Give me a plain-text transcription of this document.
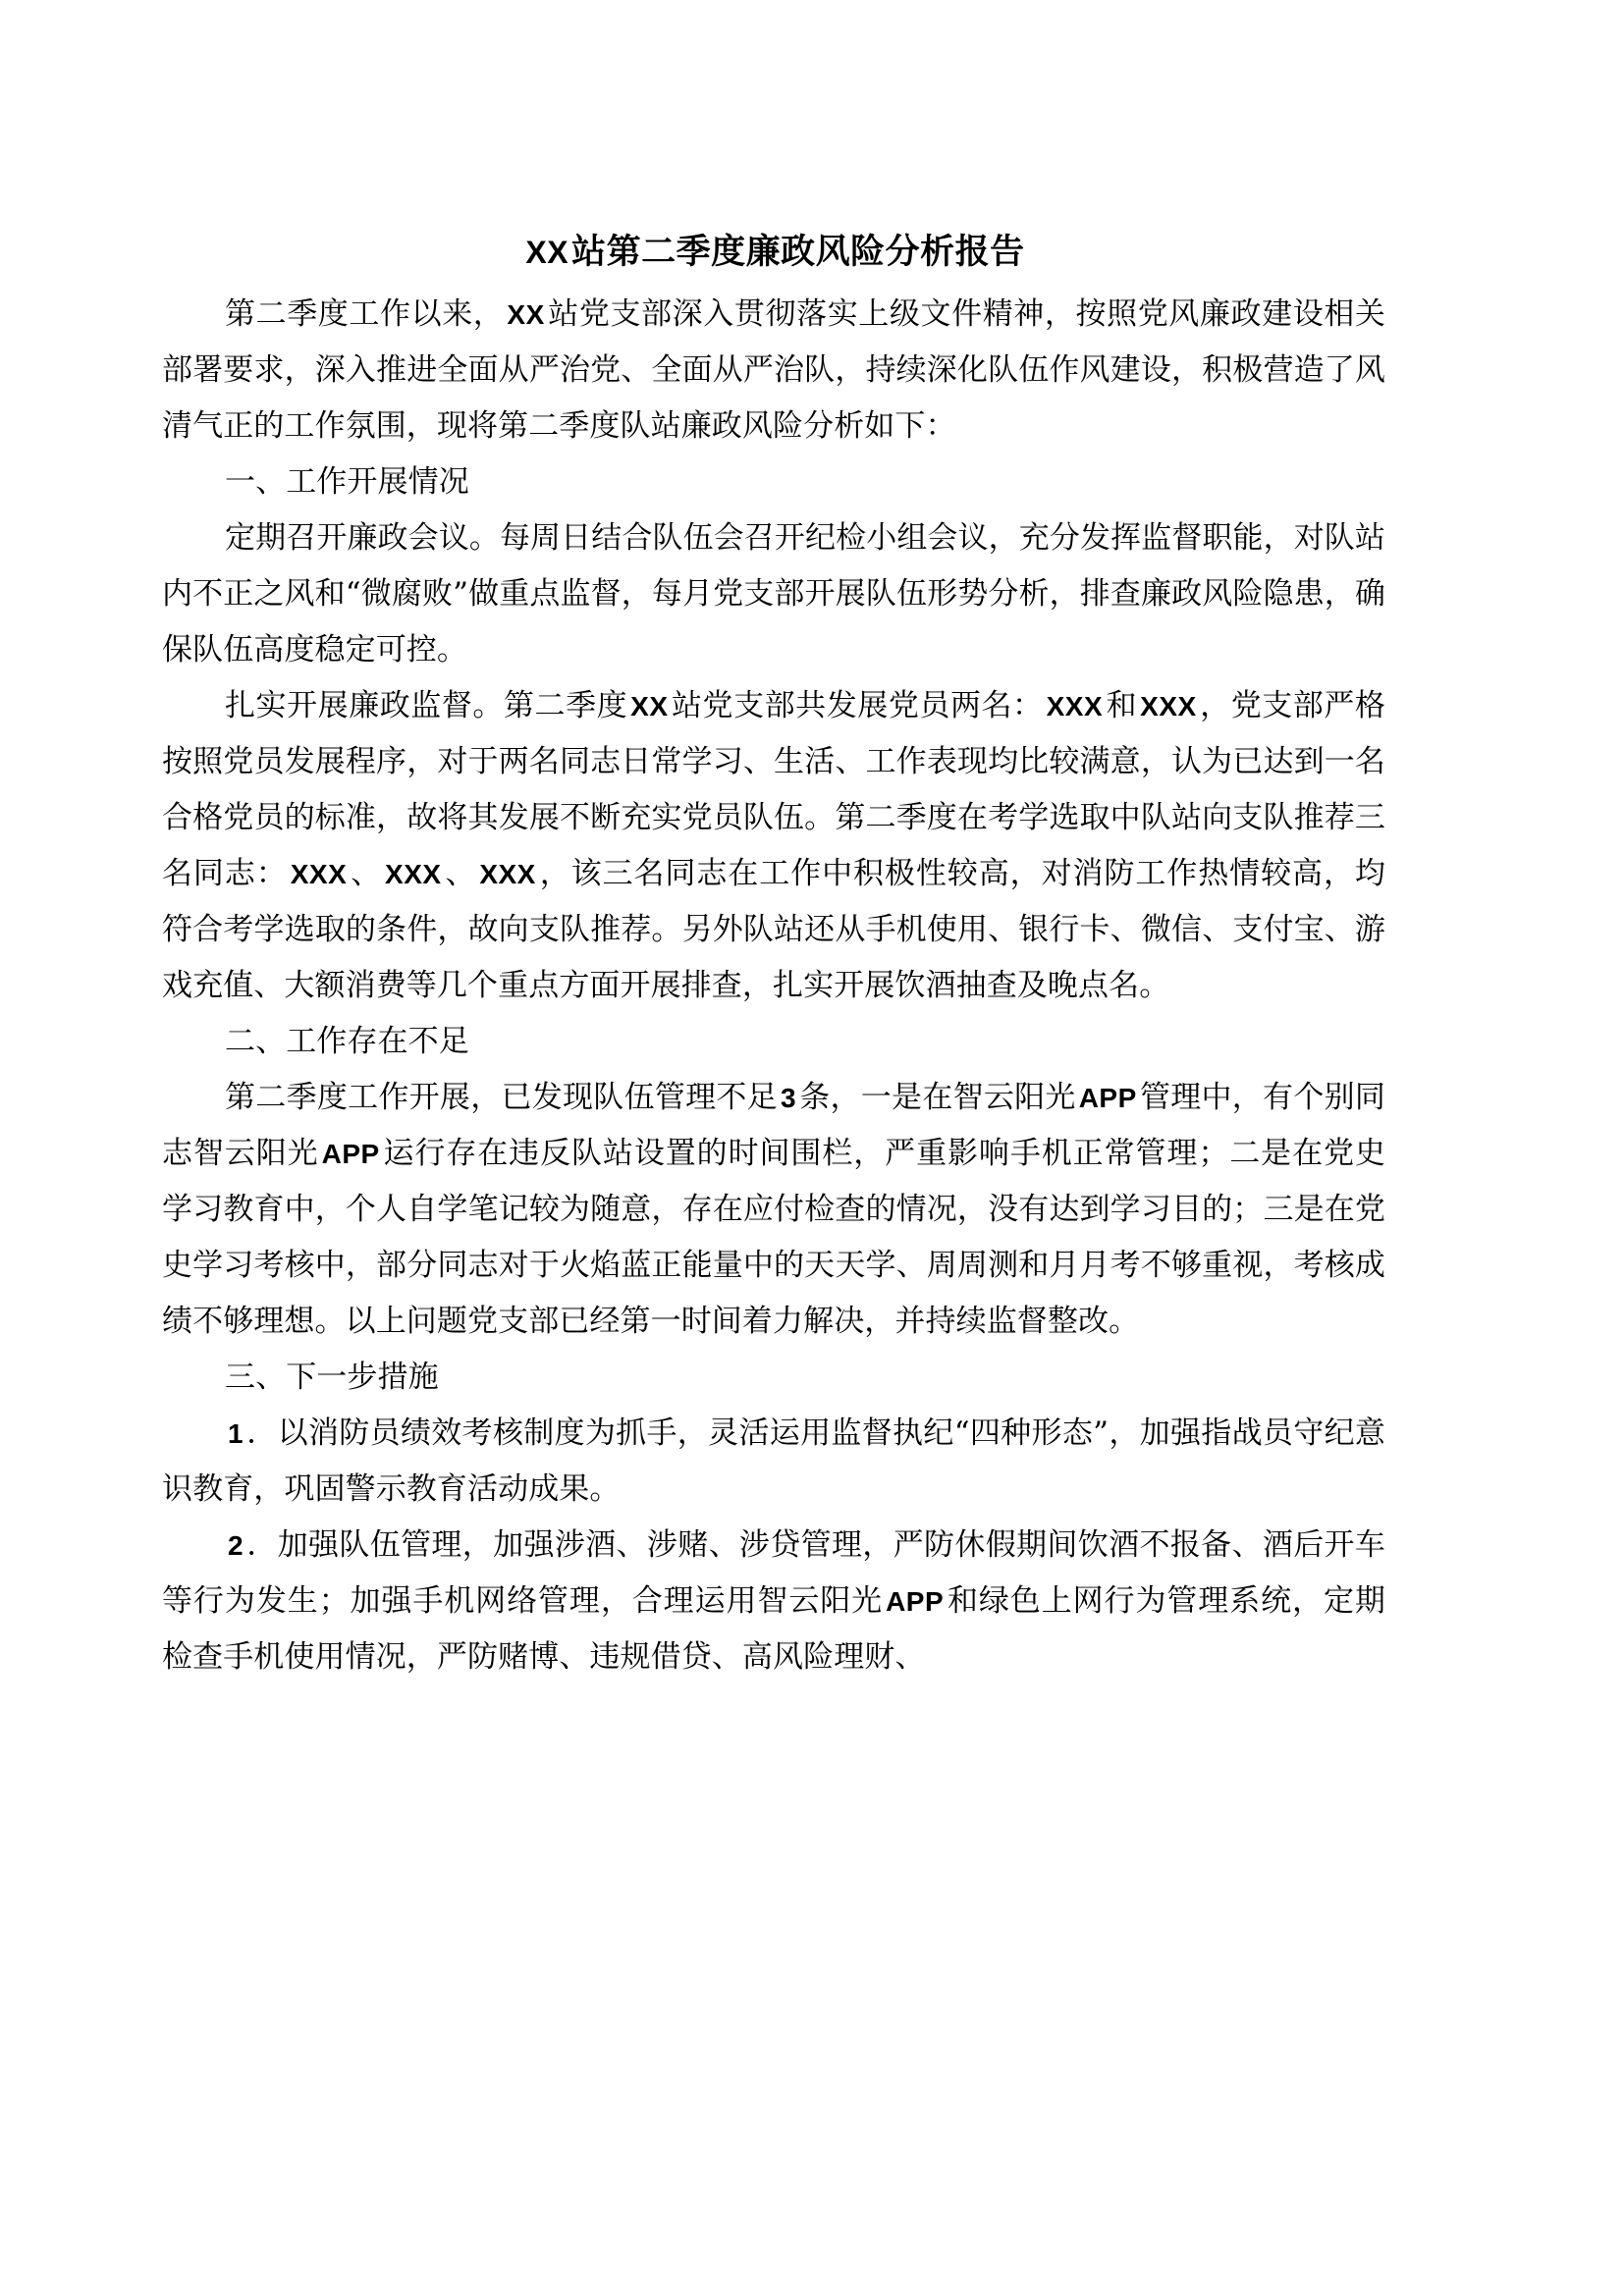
XX站第二季度廉政风险分析报告

第二季度工作以来， XX站党支部深入贯彻落实上级文件精神，按照党风廉政建设相关部署要求，深入推进全面从严治党、全面从严治队，持续深化队伍作风建设，积极营造了风清气正的工作氛围，现将第二季度队站廉政风险分析如下：

一、工作开展情况

定期召开廉政会议。每周日结合队伍会召开纪检小组会议，充分发挥监督职能，对队站内不正之风和“微腐败”做重点监督，每月党支部开展队伍形势分析，排查廉政风险隐患，确保队伍高度稳定可控。

扎实开展廉政监督。第二季度 XX站党支部共发展党员两名： XXX和 XXX，党支部严格按照党员发展程序，对于两名同志日常学习、生活、工作表现均比较满意，认为已达到一名合格党员的标准，故将其发展不断充实党员队伍。第二季度在考学选取中队站向支队推荐三名同志： XXX、 XXX、 XXX，该三名同志在工作中积极性较高，对消防工作热情较高，均符合考学选取的条件，故向支队推荐。另外队站还从手机使用、银行卡、微信、支付宝、游戏充值、大额消费等几个重点方面开展排查，扎实开展饮酒抽查及晚点名。

二、工作存在不足

第二季度工作开展，已发现队伍管理不足 3条，一是在智云阳光 APP管理中，有个别同志智云阳光 APP运行存在违反队站设置的时间围栏，严重影响手机正常管理；二是在党史学习教育中，个人自学笔记较为随意，存在应付检查的情况，没有达到学习目的；三是在党史学习考核中，部分同志对于火焰蓝正能量中的天天学、周周测和月月考不够重视，考核成绩不够理想。以上问题党支部已经第一时间着力解决，并持续监督整改。

三、下一步措施

1．以消防员绩效考核制度为抓手，灵活运用监督执纪“四种形态”，加强指战员守纪意识教育，巩固警示教育活动成果。

2．加强队伍管理，加强涉酒、涉赌、涉贷管理，严防休假期间饮酒不报备、酒后开车等行为发生；加强手机网络管理，合理运用智云阳光 APP和绿色上网行为管理系统，定期检查手机使用情况，严防赌博、违规借贷、高风险理财、
